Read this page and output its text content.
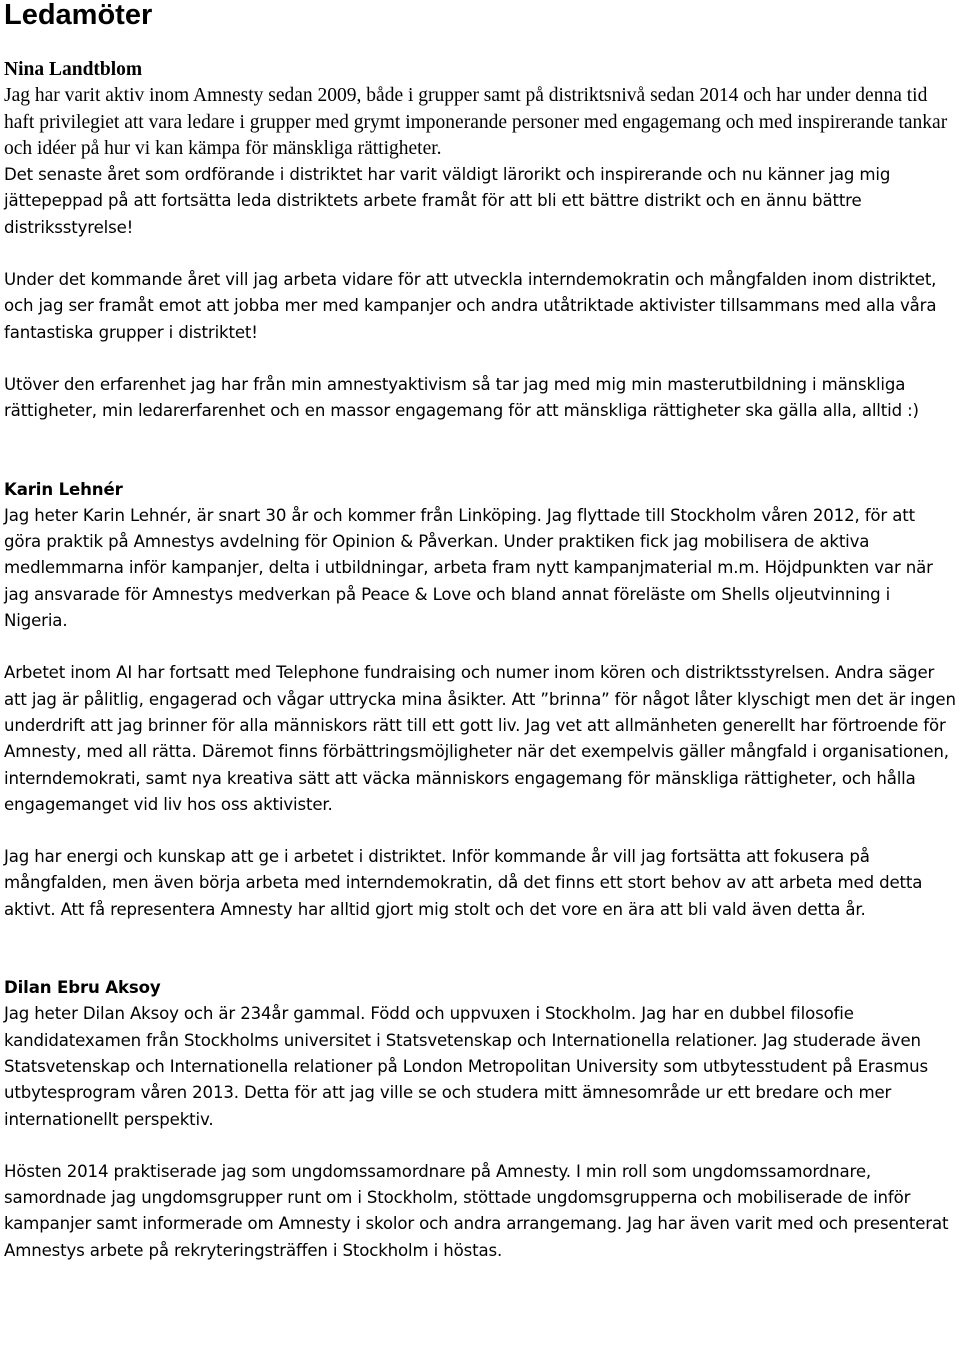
Ledamöter

Nina Landtblom

Jag har varit aktiv inom Amnesty sedan 2009, både i grupper samt på distriktsnivå sedan 2014 och har under denna tid haft privilegiet att vara ledare i grupper med grymt imponerande personer med engagemang och med inspirerande tankar och idéer på hur vi kan kämpa för mänskliga rättigheter.

Det senaste året som ordförande i distriktet har varit väldigt lärorikt och inspirerande och nu känner jag mig jättepeppad på att fortsätta leda distriktets arbete framåt för att bli ett bättre distrikt och en ännu bättre distriksstyrelse!

Under det kommande året vill jag arbeta vidare för att utveckla interndemokratin och mångfalden inom distriktet, och jag ser framåt emot att jobba mer med kampanjer och andra utåtriktade aktivister tillsammans med alla våra fantastiska grupper i distriktet!

Utöver den erfarenhet jag har från min amnestyaktivism så tar jag med mig min masterutbildning i mänskliga rättigheter, min ledarerfarenhet och en massor engagemang för att mänskliga rättigheter ska gälla alla, alltid :)

Karin Lehnér

Jag heter Karin Lehnér, är snart 30 år och kommer från Linköping. Jag flyttade till Stockholm våren 2012, för att göra praktik på Amnestys avdelning för Opinion & Påverkan. Under praktiken fick jag mobilisera de aktiva medlemmarna inför kampanjer, delta i utbildningar, arbeta fram nytt kampanjmaterial m.m. Höjdpunkten var när jag ansvarade för Amnestys medverkan på Peace & Love och bland annat föreläste om Shells oljeutvinning i Nigeria.

Arbetet inom AI har fortsatt med Telephone fundraising och numer inom kören och distriktsstyrelsen. Andra säger att jag är pålitlig, engagerad och vågar uttrycka mina åsikter. Att ”brinna” för något låter klyschigt men det är ingen underdrift att jag brinner för alla människors rätt till ett gott liv. Jag vet att allmänheten generellt har förtroende för Amnesty, med all rätta. Däremot finns förbättringsmöjligheter när det exempelvis gäller mångfald i organisationen, interndemokrati, samt nya kreativa sätt att väcka människors engagemang för mänskliga rättigheter, och hålla engagemanget vid liv hos oss aktivister.

Jag har energi och kunskap att ge i arbetet i distriktet. Inför kommande år vill jag fortsätta att fokusera på mångfalden, men även börja arbeta med interndemokratin, då det finns ett stort behov av att arbeta med detta aktivt. Att få representera Amnesty har alltid gjort mig stolt och det vore en ära att bli vald även detta år.

Dilan Ebru Aksoy

Jag heter Dilan Aksoy och är 234år gammal. Född och uppvuxen i Stockholm. Jag har en dubbel filosofie kandidatexamen från Stockholms universitet i Statsvetenskap och Internationella relationer. Jag studerade även Statsvetenskap och Internationella relationer på London Metropolitan University som utbytesstudent på Erasmus utbytesprogram våren 2013. Detta för att jag ville se och studera mitt ämnesområde ur ett bredare och mer internationellt perspektiv.

Hösten 2014 praktiserade jag som ungdomssamordnare på Amnesty. I min roll som ungdomssamordnare, samordnade jag ungdomsgrupper runt om i Stockholm, stöttade ungdomsgrupperna och mobiliserade de inför kampanjer samt informerade om Amnesty i skolor och andra arrangemang. Jag har även varit med och presenterat Amnestys arbete på rekryteringsträffen i Stockholm i höstas.
